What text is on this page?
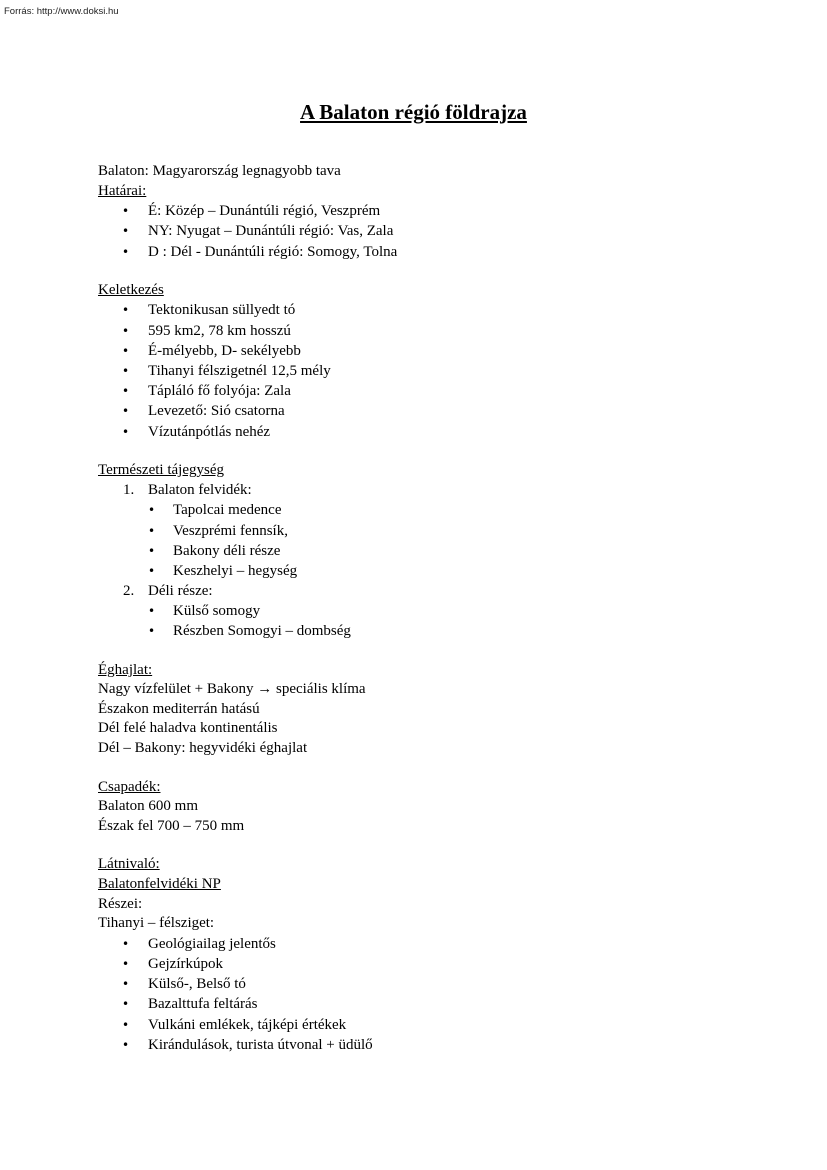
Forrás: http://www.doksi.hu
A Balaton régió földrajza
Balaton: Magyarország legnagyobb tava
Határai:
• É: Közép – Dunántúli régió, Veszprém
• NY: Nyugat – Dunántúli régió: Vas, Zala
• D : Dél - Dunántúli régió: Somogy, Tolna
Keletkezés
• Tektonikusan süllyedt tó
• 595 km2, 78 km hosszú
• É-mélyebb, D- sekélyebb
• Tihanyi félszigetnél 12,5 mély
• Tápláló fő folyója: Zala
• Levezető: Sió csatorna
• Vízutánpótlás nehéz
Természeti tájegység
1. Balaton felvidék:
• Tapolcai medence
• Veszprémi fennsík,
• Bakony déli része
• Keszhelyi – hegység
2. Déli része:
• Külső somogy
• Részben Somogyi – dombség
Éghajlat:
Nagy vízfelület + Bakony → speciális klíma
Északon mediterrán hatású
Dél felé haladva kontinentális
Dél – Bakony: hegyvidéki éghajlat
Csapadék:
Balaton 600 mm
Észak fel 700 – 750 mm
Látnivaló:
Balatonfelvidéki NP
Részei:
Tihanyi – félsziget:
• Geológiailag jelentős
• Gejzírkúpok
• Külső-, Belső tó
• Bazalttufa feltárás
• Vulkáni emlékek, tájképi értékek
• Kirándulások, turista útvonal + üdülő
